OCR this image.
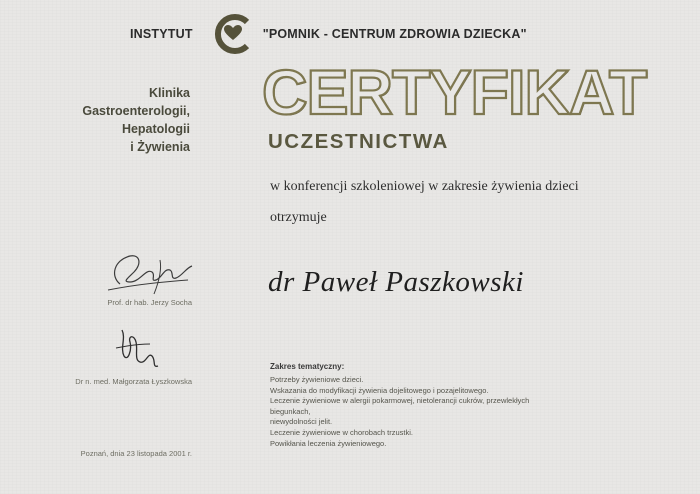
INSTYTUT	"POMNIK - CENTRUM ZDROWIA DZIECKA"
Klinika
Gastroenterologii,
Hepatologii
i Żywienia
CERTYFIKAT
UCZESTNICTWA
w konferencji szkoleniowej w zakresie żywienia dzieci
otrzymuje
dr Paweł Paszkowski
Prof. dr hab. Jerzy Socha
Dr n. med. Małgorzata Łyszkowska
Poznań, dnia 23 listopada 2001 r.
Zakres tematyczny:
Potrzeby żywieniowe dzieci.
Wskazania do modyfikacji żywienia dojelitowego i pozajelitowego.
Leczenie żywieniowe w alergii pokarmowej, nietolerancji cukrów, przewlekłych biegunkach,
niewydolności jelit.
Leczenie żywieniowe w chorobach trzustki.
Powikłania leczenia żywieniowego.
